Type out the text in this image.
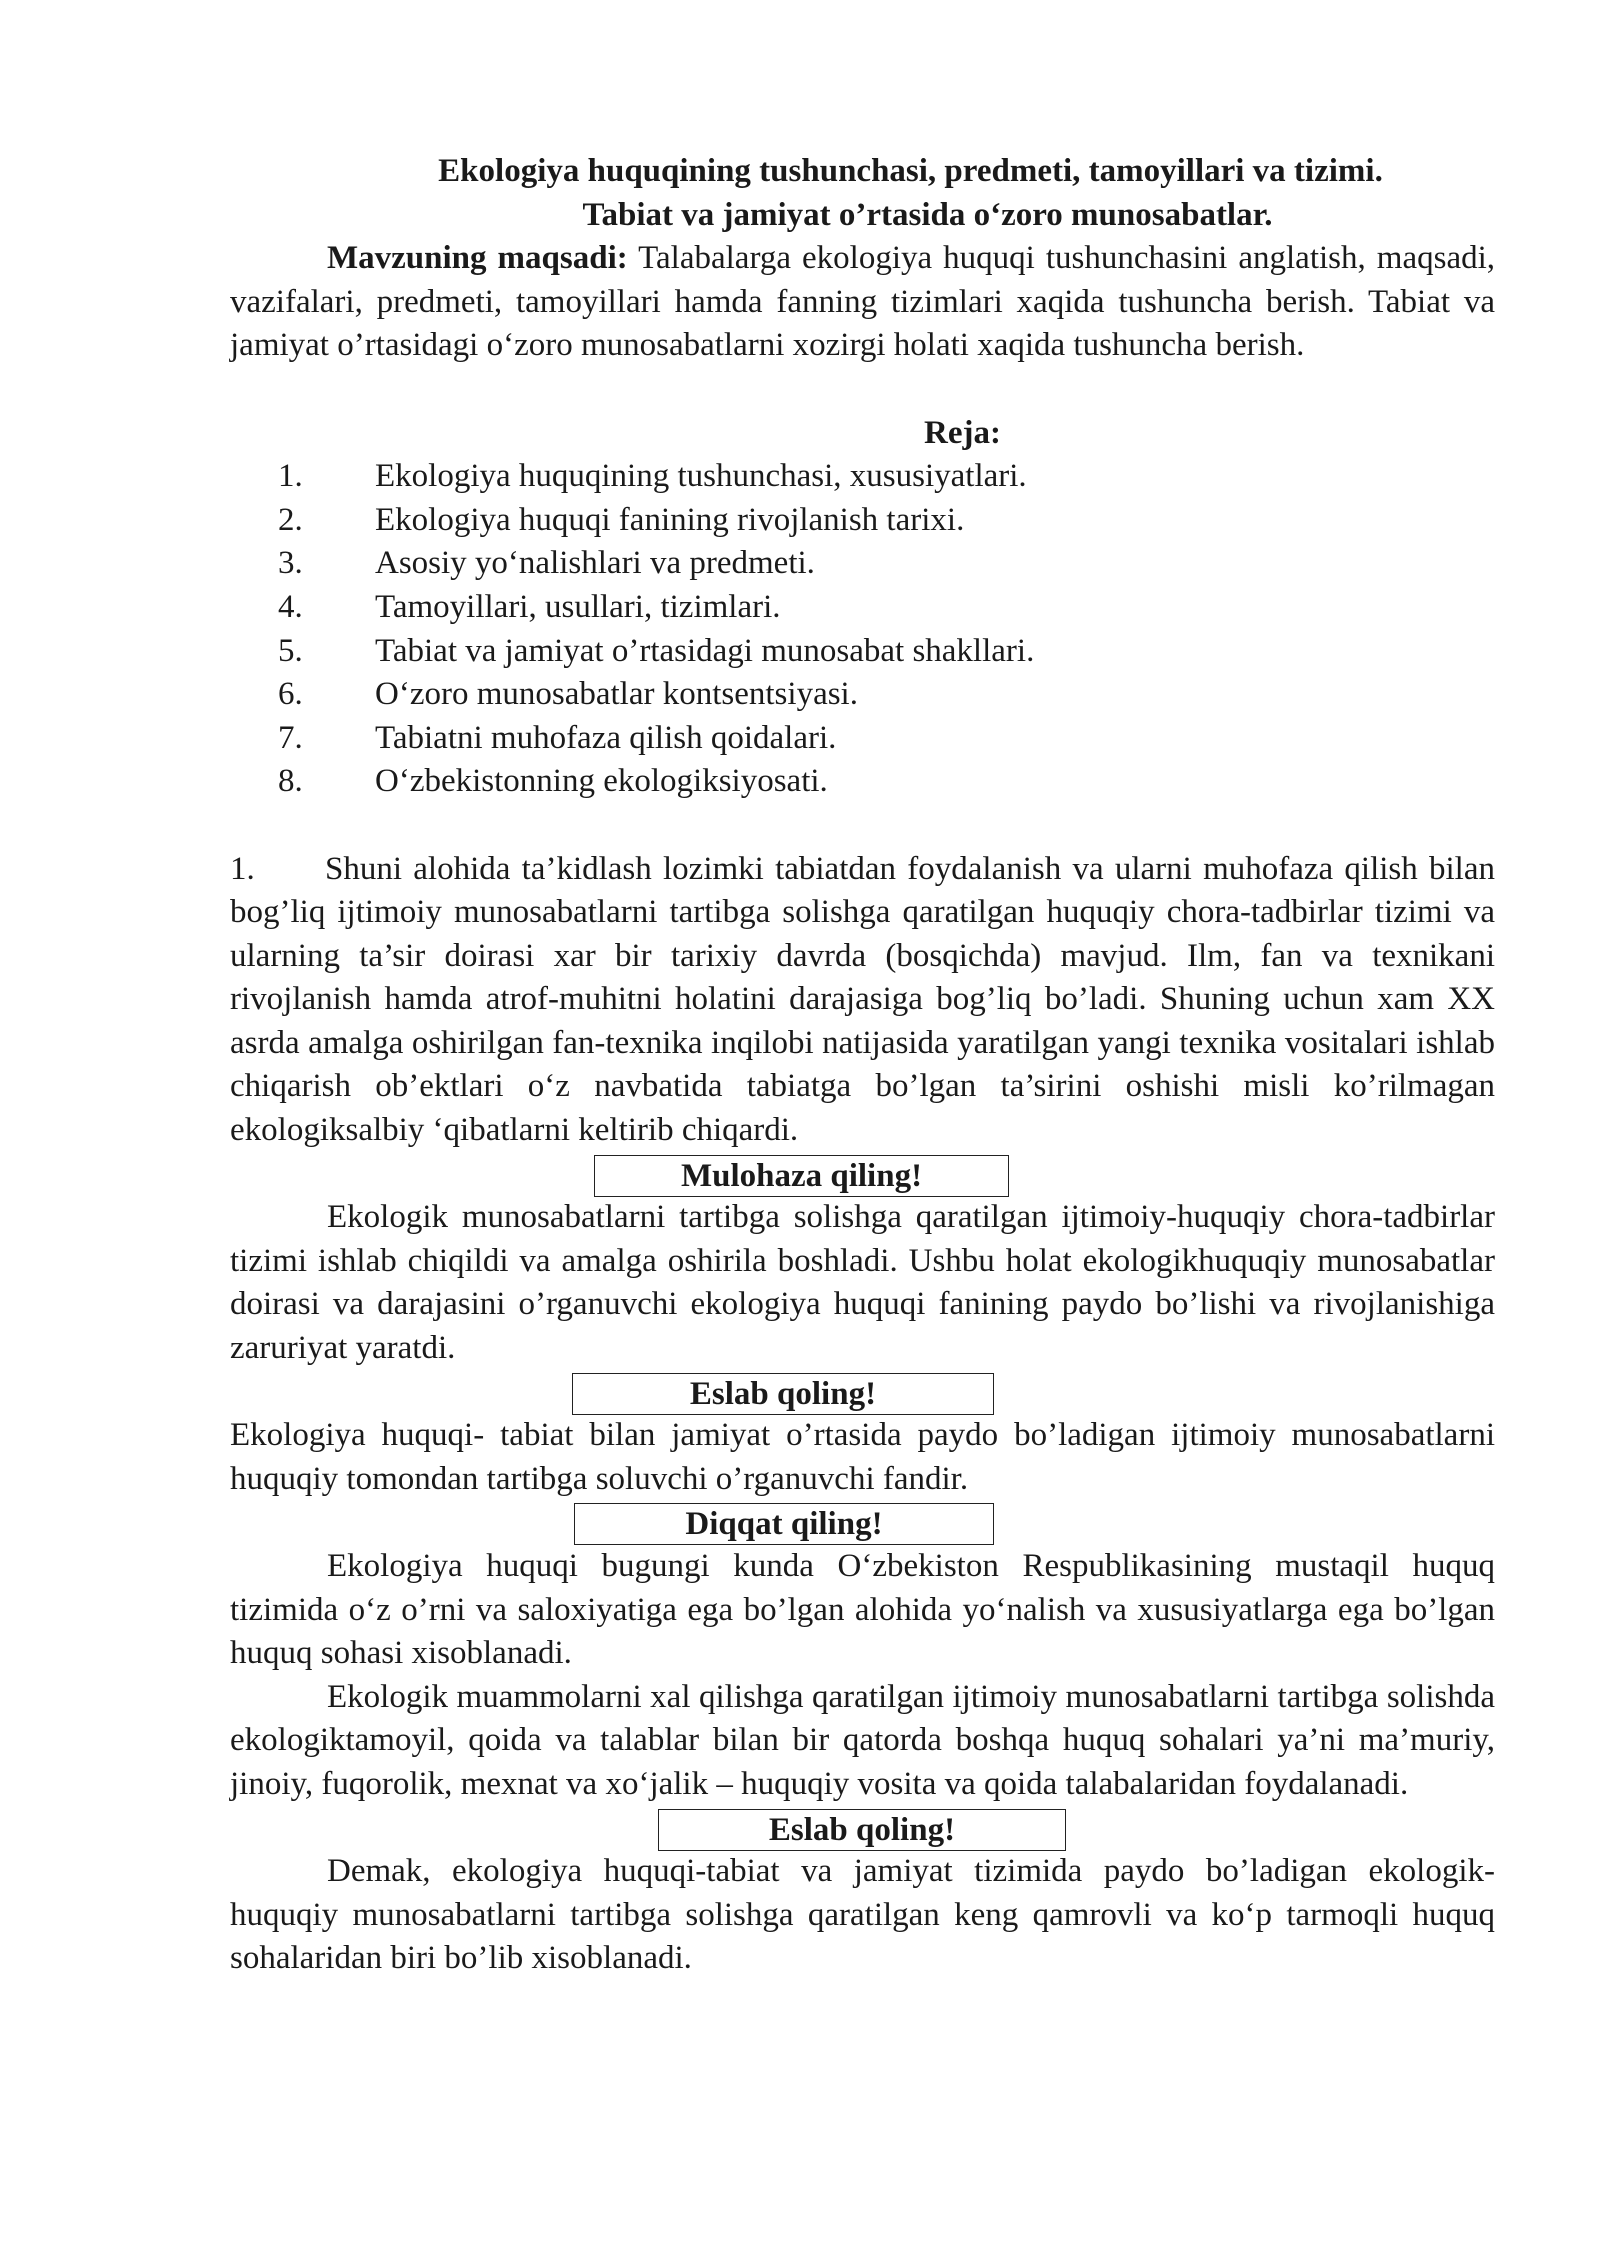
Ekologiya huquqining tushunchasi, predmeti, tamoyillari va tizimi.

Tabiat va jamiyat o’rtasida o‘zoro munosabatlar.

Mavzuning maqsadi: Talabalarga ekologiya huquqi tushunchasini anglatish, maqsadi, vazifalari, predmeti, tamoyillari hamda fanning tizimlari xaqida tushuncha berish. Tabiat va jamiyat o’rtasidagi o‘zoro munosabatlarni xozirgi holati xaqida tushuncha berish.

Reja:

1.	Ekologiya huquqining tushunchasi, xususiyatlari.
2.	Ekologiya huquqi fanining rivojlanish tarixi.
3.	Asosiy yo‘nalishlari va predmeti.
4.	Tamoyillari, usullari, tizimlari.
5.	Tabiat va jamiyat o’rtasidagi munosabat shakllari.
6.	O‘zoro munosabatlar kontsentsiyasi.
7.	Tabiatni muhofaza qilish qoidalari.
8.	O‘zbekistonning ekologiksiyosati.

1. Shuni alohida ta’kidlash lozimki tabiatdan foydalanish va ularni muhofaza qilish bilan bog’liq ijtimoiy munosabatlarni tartibga solishga qaratilgan huquqiy chora-tadbirlar tizimi va ularning ta’sir doirasi xar bir tarixiy davrda (bosqichda) mavjud. Ilm, fan va texnikani rivojlanish hamda atrof-muhitni holatini darajasiga bog’liq bo’ladi. Shuning uchun xam XX asrda amalga oshirilgan fan-texnika inqilobi natijasida yaratilgan yangi texnika vositalari ishlab chiqarish ob’ektlari o‘z navbatida tabiatga bo’lgan ta’sirini oshishi misli ko’rilmagan ekologiksalbiy ‘qibatlarni keltirib chiqardi.

Mulohaza qiling!

Ekologik munosabatlarni tartibga solishga qaratilgan ijtimoiy-huquqiy chora-tadbirlar tizimi ishlab chiqildi va amalga oshirila boshladi. Ushbu holat ekologikhuquqiy munosabatlar doirasi va darajasini o’rganuvchi ekologiya huquqi fanining paydo bo’lishi va rivojlanishiga zaruriyat yaratdi.

Eslab qoling!

Ekologiya huquqi- tabiat bilan jamiyat o’rtasida paydo bo’ladigan ijtimoiy munosabatlarni huquqiy tomondan tartibga soluvchi o’rganuvchi fandir.

Diqqat qiling!

Ekologiya huquqi bugungi kunda O‘zbekiston Respublikasining mustaqil huquq tizimida o‘z o’rni va saloxiyatiga ega bo’lgan alohida yo‘nalish va xususiyatlarga ega bo’lgan huquq sohasi xisoblanadi.

Ekologik muammolarni xal qilishga qaratilgan ijtimoiy munosabatlarni tartibga solishda ekologiktamoyil, qoida va talablar bilan bir qatorda boshqa huquq sohalari ya’ni ma’muriy, jinoiy, fuqorolik, mexnat va xo‘jalik – huquqiy vosita va qoida talabalaridan foydalanadi.

Eslab qoling!

Demak, ekologiya huquqi-tabiat va jamiyat tizimida paydo bo’ladigan ekologik-huquqiy munosabatlarni tartibga solishga qaratilgan keng qamrovli va ko‘p tarmoqli huquq sohalaridan biri bo’lib xisoblanadi.
